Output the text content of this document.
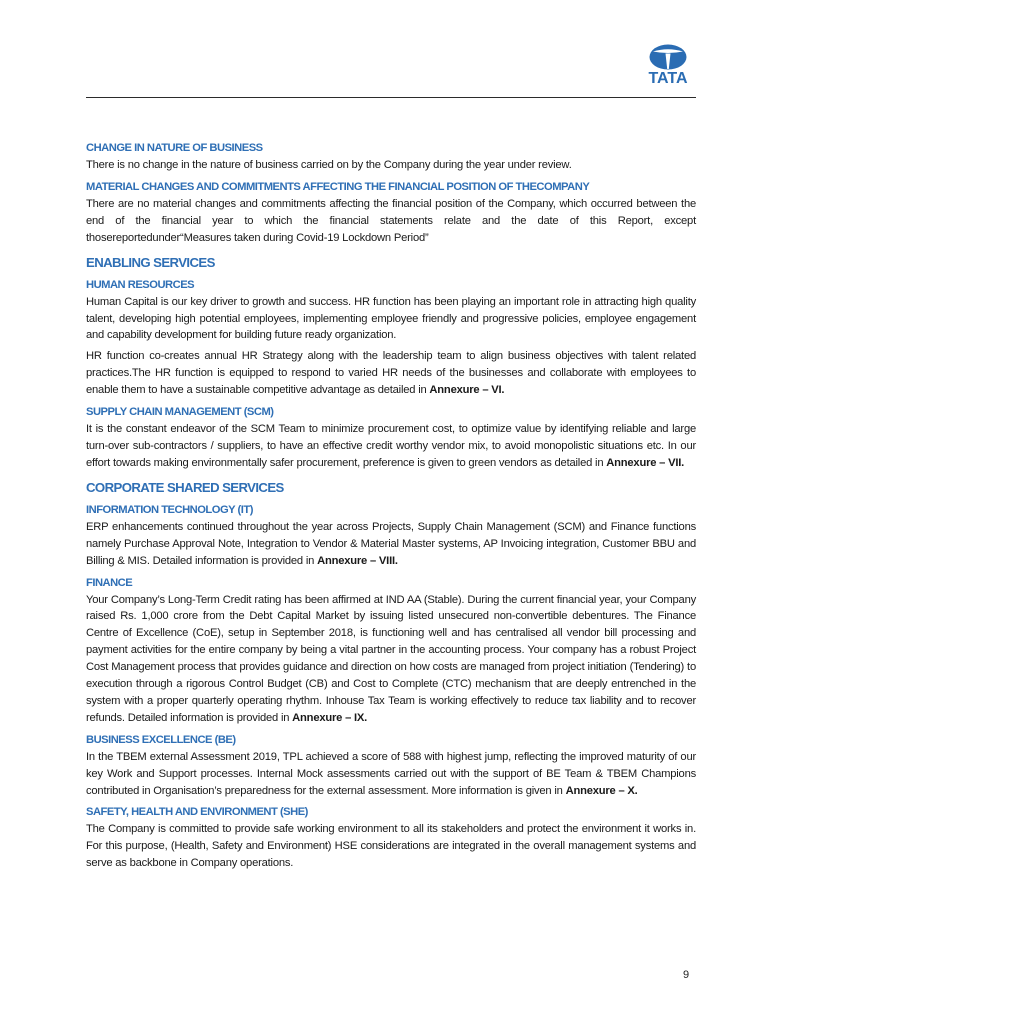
TATA
CHANGE IN NATURE OF BUSINESS

There is no change in the nature of business carried on by the Company during the year under review.

MATERIAL CHANGES AND COMMITMENTS AFFECTING THE FINANCIAL POSITION OF THECOMPANY

There are no material changes and commitments affecting the financial position of the Company, which occurred between the end of the financial year to which the financial statements relate and the date of this Report, except thosereportedunder“Measures taken during Covid-19 Lockdown Period”

ENABLING SERVICES
HUMAN RESOURCES

Human Capital is our key driver to growth and success. HR function has been playing an important role in attracting high quality talent, developing high potential employees, implementing employee friendly and progressive policies, employee engagement and capability development for building future ready organization.

HR function co-creates annual HR Strategy along with the leadership team to align business objectives with talent related practices.The HR function is equipped to respond to varied HR needs of the businesses and collaborate with employees to enable them to have a sustainable competitive advantage as detailed in Annexure – VI.

SUPPLY CHAIN MANAGEMENT (SCM)

It is the constant endeavor of the SCM Team to minimize procurement cost, to optimize value by identifying reliable and large turn-over sub-contractors / suppliers, to have an effective credit worthy vendor mix, to avoid monopolistic situations etc. In our effort towards making environmentally safer procurement, preference is given to green vendors as detailed in Annexure – VII.

CORPORATE SHARED SERVICES
INFORMATION TECHNOLOGY (IT)

ERP enhancements continued throughout the year across Projects, Supply Chain Management (SCM) and Finance functions namely Purchase Approval Note, Integration to Vendor & Material Master systems, AP Invoicing integration, Customer BBU and Billing & MIS. Detailed information is provided in Annexure – VIII.

FINANCE

Your Company’s Long-Term Credit rating has been affirmed at IND AA (Stable). During the current financial year, your Company raised Rs. 1,000 crore from the Debt Capital Market by issuing listed unsecured non-convertible debentures. The Finance Centre of Excellence (CoE), setup in September 2018, is functioning well and has centralised all vendor bill processing and payment activities for the entire company by being a vital partner in the accounting process. Your company has a robust Project Cost Management process that provides guidance and direction on how costs are managed from project initiation (Tendering) to execution through a rigorous Control Budget (CB) and Cost to Complete (CTC) mechanism that are deeply entrenched in the system with a proper quarterly operating rhythm. Inhouse Tax Team is working effectively to reduce tax liability and to recover refunds. Detailed information is provided in Annexure – IX.

BUSINESS EXCELLENCE (BE)

In the TBEM external Assessment 2019, TPL achieved a score of 588 with highest jump, reflecting the improved maturity of our key Work and Support processes. Internal Mock assessments carried out with the support of BE Team & TBEM Champions contributed in Organisation’s preparedness for the external assessment. More information is given in Annexure – X.

SAFETY, HEALTH AND ENVIRONMENT (SHE)

The Company is committed to provide safe working environment to all its stakeholders and protect the environment it works in. For this purpose, (Health, Safety and Environment) HSE considerations are integrated in the overall management systems and serve as backbone in Company operations.

9
